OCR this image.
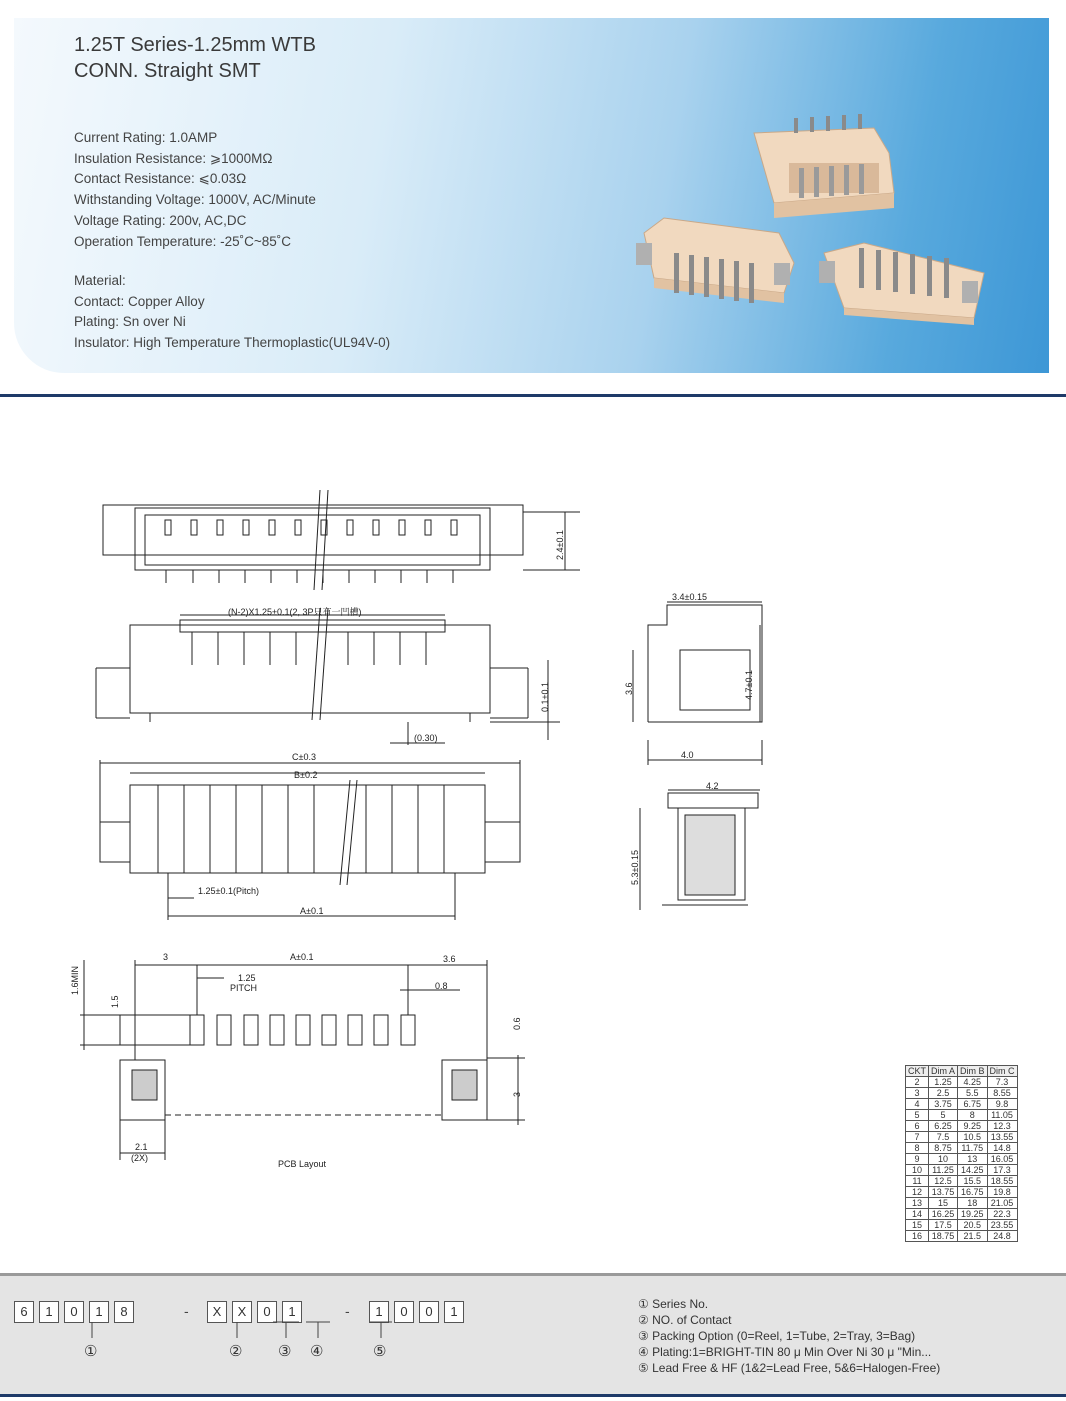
1.25T Series-1.25mm WTB
CONN. Straight SMT
Current Rating: 1.0AMP
Insulation Resistance: ⩾1000MΩ
Contact Resistance: ⩽0.03Ω
Withstanding Voltage: 1000V, AC/Minute
Voltage Rating: 200v, AC,DC
Operation Temperature: -25˚C~85˚C
Material:
Contact: Copper Alloy
Plating: Sn over Ni
Insulator: High Temperature Thermoplastic(UL94V-0)
2.4±0.1
(N-2)X1.25±0.1(2, 3P只有一凹槽)
0.1±0.1
(0.30)
C±0.3
B±0.2
1.25±0.1(Pitch)
A±0.1
3.4±0.15
3.6	4.7±0.1
4.0
4.2
5.3±0.15
3	A±0.1	3.6
1.25
PITCH	0.8
1.6MIN
1.5
0.6
3
2.1
(2X)
PCB Layout
CKT	Dim A	Dim B	Dim C
2	1.25	4.25	7.3
3	2.5	5.5	8.55
4	3.75	6.75	9.8
5	5	8	11.05
6	6.25	9.25	12.3
7	7.5	10.5	13.55
8	8.75	11.75	14.8
9	10	13	16.05
10	11.25	14.25	17.3
11	12.5	15.5	18.55
12	13.75	16.75	19.8
13	15	18	21.05
14	16.25	19.25	22.3
15	17.5	20.5	23.55
16	18.75	21.5	24.8
6	1	0	1	8	-	X	X	0	1	-	1	0	0	1
①	② ③ ④	⑤
① Series No.
② NO. of Contact
③ Packing Option (0=Reel, 1=Tube, 2=Tray, 3=Bag)
④ Plating:1=BRIGHT-TIN 80 μ Min Over Ni 30 μ "Min...
⑤ Lead Free & HF (1&2=Lead Free, 5&6=Halogen-Free)
